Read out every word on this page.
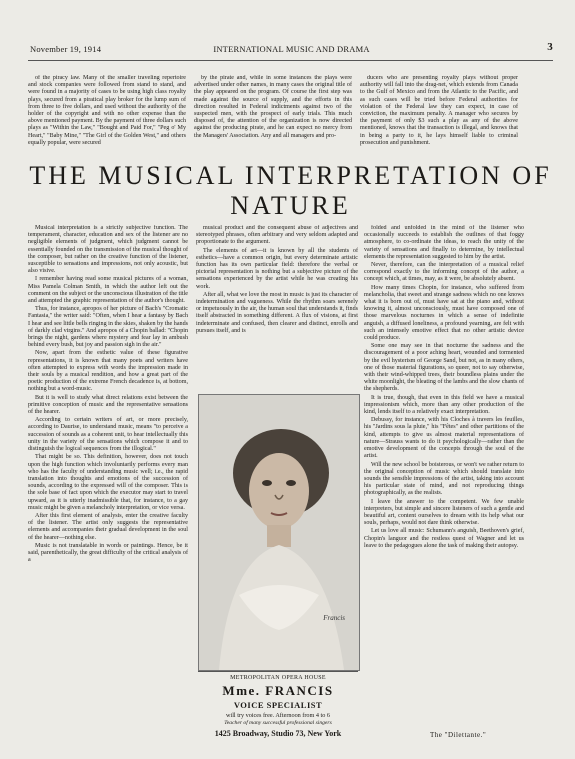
November 19, 1914	INTERNATIONAL MUSIC AND DRAMA	3

of the piracy law. Many of the smaller traveling repertoire and stock companies were followed from stand to stand, and were found in a majority of cases to be using high class royalty plays, secured from a piratical play broker for the lump sum of from three to five dollars, and used without the authority of the holder of the copyright and with no other expense than the above mentioned payment. By the payment of three dollars such plays as "Within the Law," "Bought and Paid For," "Peg o' My Heart," "Baby Mine," "The Girl of the Golden West," and others equally popular, were secured

by the pirate and, while in some instances the plays were advertised under other names, in many cases the original title of the play appeared on the program. Of course the first step was made against the source of supply, and the efforts in this direction resulted in Federal indictments against two of the suspected men, with the prospect of early trials. This much disposed of, the attention of the organization is now directed against the producing pirate, and he can expect no mercy from the Managers' Association. Any and all managers and pro-

ducers who are presenting royalty plays without proper authority will fall into the drag-net, which extends from Canada to the Gulf of Mexico and from the Atlantic to the Pacific, and as such cases will be tried before Federal authorities for violation of the Federal law they can expect, in case of conviction, the maximum penalty. A manager who secures by the payment of only $3 such a play as any of the above mentioned, knows that the transaction is illegal, and knows that in being a party to it, he lays himself liable to criminal prosecution and punishment.

THE MUSICAL INTERPRETATION OF NATURE

Musical interpretation is a strictly subjective function. The temperament, character, education and sex of the listener are no negligible elements of judgment, which judgment cannot be essentially founded on the transmission of the musical thought of the composer, but rather on the creative function of the listener, susceptible to sensations and impressions, not only acoustic, but also visive.

I remember having read some musical pictures of a woman, Miss Pamela Colman Smith, in which the author left out the comment on the subject or the unconscious illustration of the title and attempted the graphic representation of the author's thought.

Thus, for instance, apropos of her picture of Bach's "Cromatic Fantasia," the writer said: "Often, when I hear a fantasy by Bach I hear and see little bells ringing in the skies, shaken by the hands of darkly clad virgins." And apropos of a Chopin ballad: "Chopin brings the night, gardens where mystery and fear lay in ambush behind every bush, but joy and passion sigh in the air."

Now, apart from the esthetic value of these figurative representations, it is known that many poets and writers have often attempted to express with words the impression made in their souls by a musical rendition, and how a great part of the poetic production of the extreme French decadence is, at bottom, nothing but a word-music.

But it is well to study what direct relations exist between the primitive conception of music and the representative sensations of the hearer.

According to certain writers of art, or more precisely, according to Daurise, to understand music, means "to perceive a succession of sounds as a coherent unit, to hear intellectually this unity in the variety of the sensations which compose it and to distinguish the logical sequences from the illogical."

That might be so. This definition, however, does not touch upon the high function which involuntarily performs every man who has the faculty of understanding music well; i.e., the rapid translation into thoughts and emotions of the succession of sounds, according to the expressed will of the composer. This is the sole base of fact upon which the executor may start to travel upward, as it is utterly inadmissible that, for instance, to a gay music might be given a melancholy interpretation, or vice versa.

After this first element of analysis, enter the creative faculty of the listener. The artist only suggests the representative elements and accompanies their gradual development in the soul of the hearer—nothing else.

Music is not translatable in words or paintings. Hence, be it said, parenthetically, the great difficulty of the critical analysis of a

musical product and the consequent abuse of adjectives and stereotyped phrases, often arbitrary and very seldom adapted and proportionate to the argument.

The elements of art—it is known by all the students of esthetics—have a common origin, but every determinate artistic function has its own particular field: therefore the verbal or pictorial representation is nothing but a subjective picture of the sensations experienced by the artist while he was creating his work.

After all, what we love the most in music is just its character of indetermination and vagueness. While the rhythm soars serenely or impetuously in the air, the human soul that understands it, finds itself abstracted in something different. A flux of visions, at first indeterminate and confused, then clearer and distinct, enrolls and pursues itself, and is

Francis
METROPOLITAN OPERA HOUSE
Mme. FRANCIS
VOICE SPECIALIST
will try voices free. Afternoon from 4 to 6
Teacher of many successful professional singers
1425 Broadway, Studio 73, New York

folded and unfolded in the mind of the listener who occasionally succeeds to establish the outlines of that foggy atmosphere, to co-ordinate the ideas, to reach the unity of the variety of sensations and finally to determine, by intellectual elements the representation suggested to him by the artist.

Never, therefore, can the interpretation of a musical relief correspond exactly to the informing concept of the author, a concept which, at times, may, as it were, be absolutely absent.

How many times Chopin, for instance, who suffered from melancholia, that sweet and strange sadness which no one knows what it is born out of, must have sat at the piano and, without knowing it, almost unconsciously, must have composed one of those marvelous nocturnes in which a sense of indefinite anguish, a diffused loneliness, a profound yearning, are felt with such an intensely emotive effect that no other artistic device could produce.

Some one may see in that nocturne the sadness and the discouragement of a poor aching heart, wounded and tormented by the evil hysterism of George Sand, but not, as in many others, one of those material figurations, so queer, not to say otherwise, with their wind-whipped trees, their boundless plains under the white moonlight, the bleating of the lambs and the slow chants of the shepherds.

It is true, though, that even in this field we have a musical impressionism which, more than any other production of the kind, lends itself to a relatively exact interpretation.

Debussy, for instance, with his Cloches à travers les feuilles, his "Jardins sous la pluie," his "Fêtes" and other partitions of the kind, attempts to give us almost material representations of nature—Strauss wants to do it psychologically—rather than the emotive development of the concepts through the soul of the artist.

Will the new school be boisterous, or won't we rather return to the original conception of music which should translate into sounds the sensible impressions of the artist, taking into account his particular state of mind, and not reproducing things photographically, as the realists.

I leave the answer to the competent. We few unable interpreters, but simple and sincere listeners of such a gentle and beautiful art, content ourselves to dream with its help what our souls, perhaps, would not dare think otherwise.

Let us love all music: Schumann's anguish, Beethoven's grief, Chopin's languor and the restless quest of Wagner and let us leave to the pedagogues alone the task of making their autopsy.

The "Dilettante."
